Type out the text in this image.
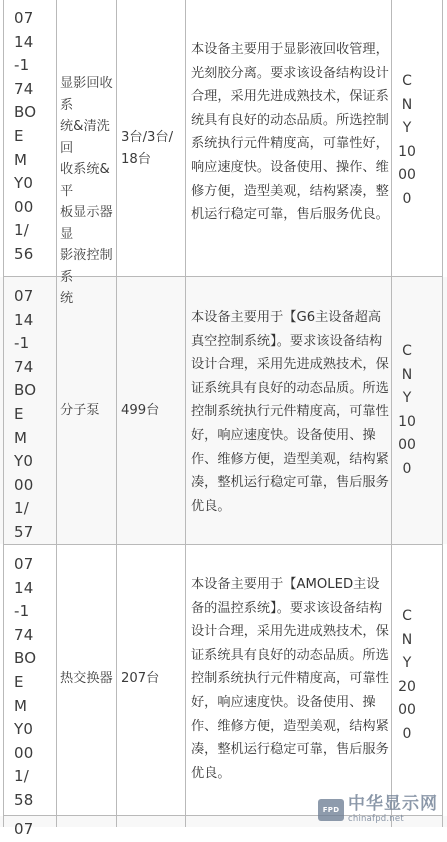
07
14
-1
74
BO
E
M
Y0
00
1/
56
显影回收系
统&清洗回
收系统&平
板显示器显
影液控制系
统
3台/3台/
18台
本设备主要用于显影液回收管理，光刻胶分离。要求该设备结构设计合理，采用先进成熟技术，保证系统具有良好的动态品质。所选控制系统执行元件精度高，可靠性好，响应速度快。设备使用、操作、维修方便，造型美观，结构紧凑，整机运行稳定可靠，售后服务优良。
C
N
Y
10
00
0
07
14
-1
74
BO
E
M
Y0
00
1/
57
分子泵	499台
本设备主要用于【G6主设备超高真空控制系统】。要求该设备结构设计合理，采用先进成熟技术，保证系统具有良好的动态品质。所选控制系统执行元件精度高，可靠性好，响应速度快。设备使用、操作、维修方便，造型美观，结构紧凑，整机运行稳定可靠，售后服务优良。
C
N
Y
10
00
0
07
14
-1
74
BO
E
M
Y0
00
1/
58
热交换器 207台
本设备主要用于【AMOLED主设备的温控系统】。要求该设备结构设计合理，采用先进成熟技术，保证系统具有良好的动态品质。所选控制系统执行元件精度高，可靠性好，响应速度快。设备使用、操作、维修方便，造型美观，结构紧凑，整机运行稳定可靠，售后服务优良。
C
N
Y
20
00
0
07
FPD 中华显示网
chinafpd.net
